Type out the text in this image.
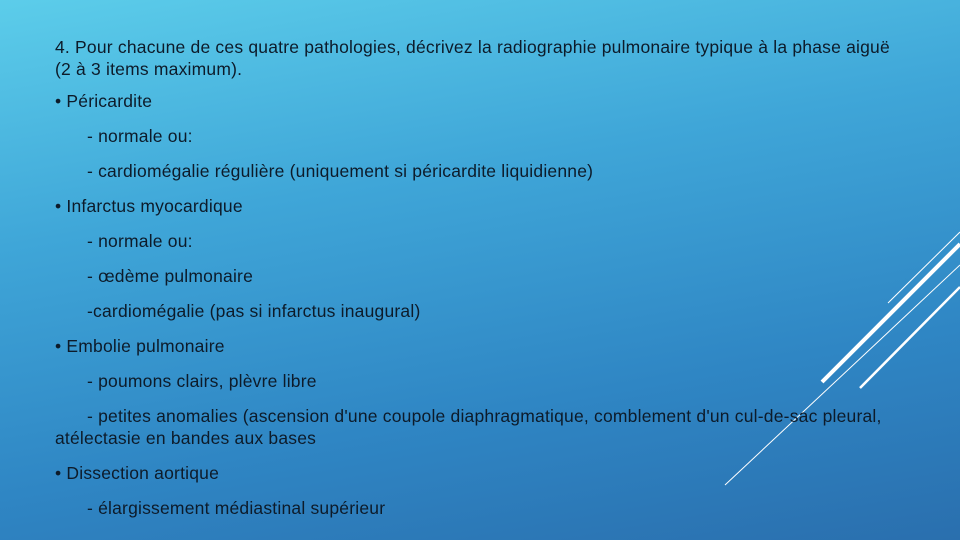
4. Pour chacune de ces quatre pathologies, décrivez la radiographie pulmonaire typique à la phase aiguë (2 à 3 items maximum).

• Péricardite

- normale ou:

- cardiomégalie régulière (uniquement si péricardite liquidienne)

• Infarctus myocardique

- normale ou:

- œdème pulmonaire

-cardiomégalie (pas si infarctus inaugural)

• Embolie pulmonaire

- poumons clairs, plèvre libre

- petites anomalies (ascension d'une coupole diaphragmatique, comblement d'un cul-de-sac pleural, atélectasie en bandes aux bases

• Dissection aortique

- élargissement médiastinal supérieur
